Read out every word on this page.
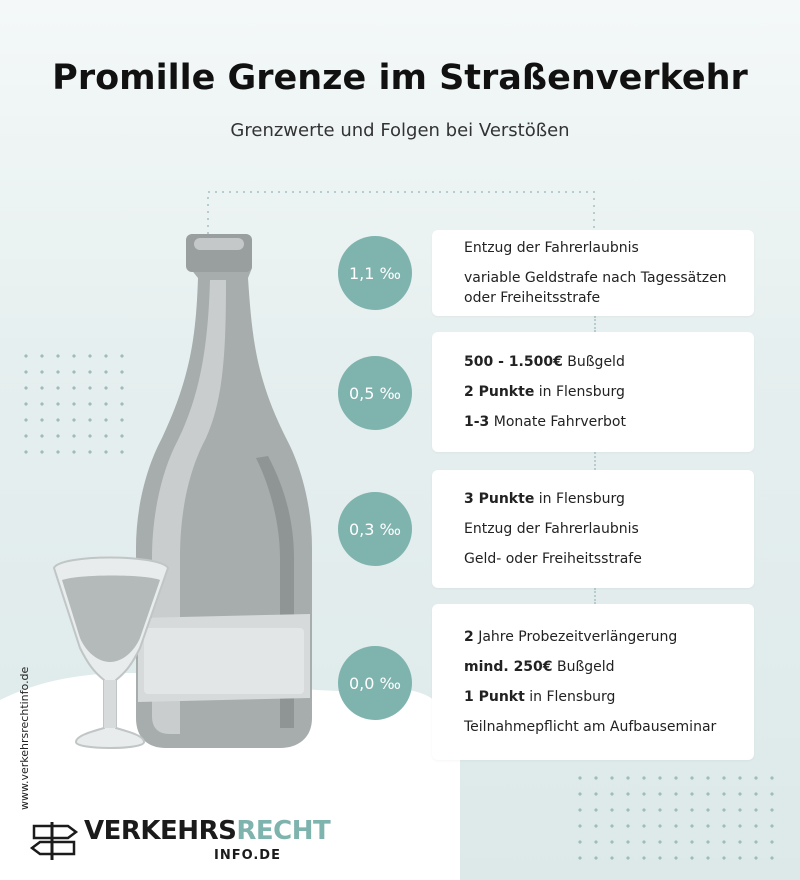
Promille Grenze im Straßenverkehr
Grenzwerte und Folgen bei Verstößen
1,1 ‰
Entzug der Fahrerlaubnis
variable Geldstrafe nach Tagessätzen oder Freiheitsstrafe
0,5 ‰
500 - 1.500€ Bußgeld
2 Punkte in Flensburg
1-3 Monate Fahrverbot
0,3 ‰
3 Punkte in Flensburg
Entzug der Fahrerlaubnis
Geld- oder Freiheitsstrafe
0,0 ‰
2 Jahre Probezeitverlängerung
mind. 250€ Bußgeld
1 Punkt in Flensburg
Teilnahmepflicht am Aufbauseminar
www.verkehrsrechtinfo.de
VERKEHRSRECHT
INFO.DE
